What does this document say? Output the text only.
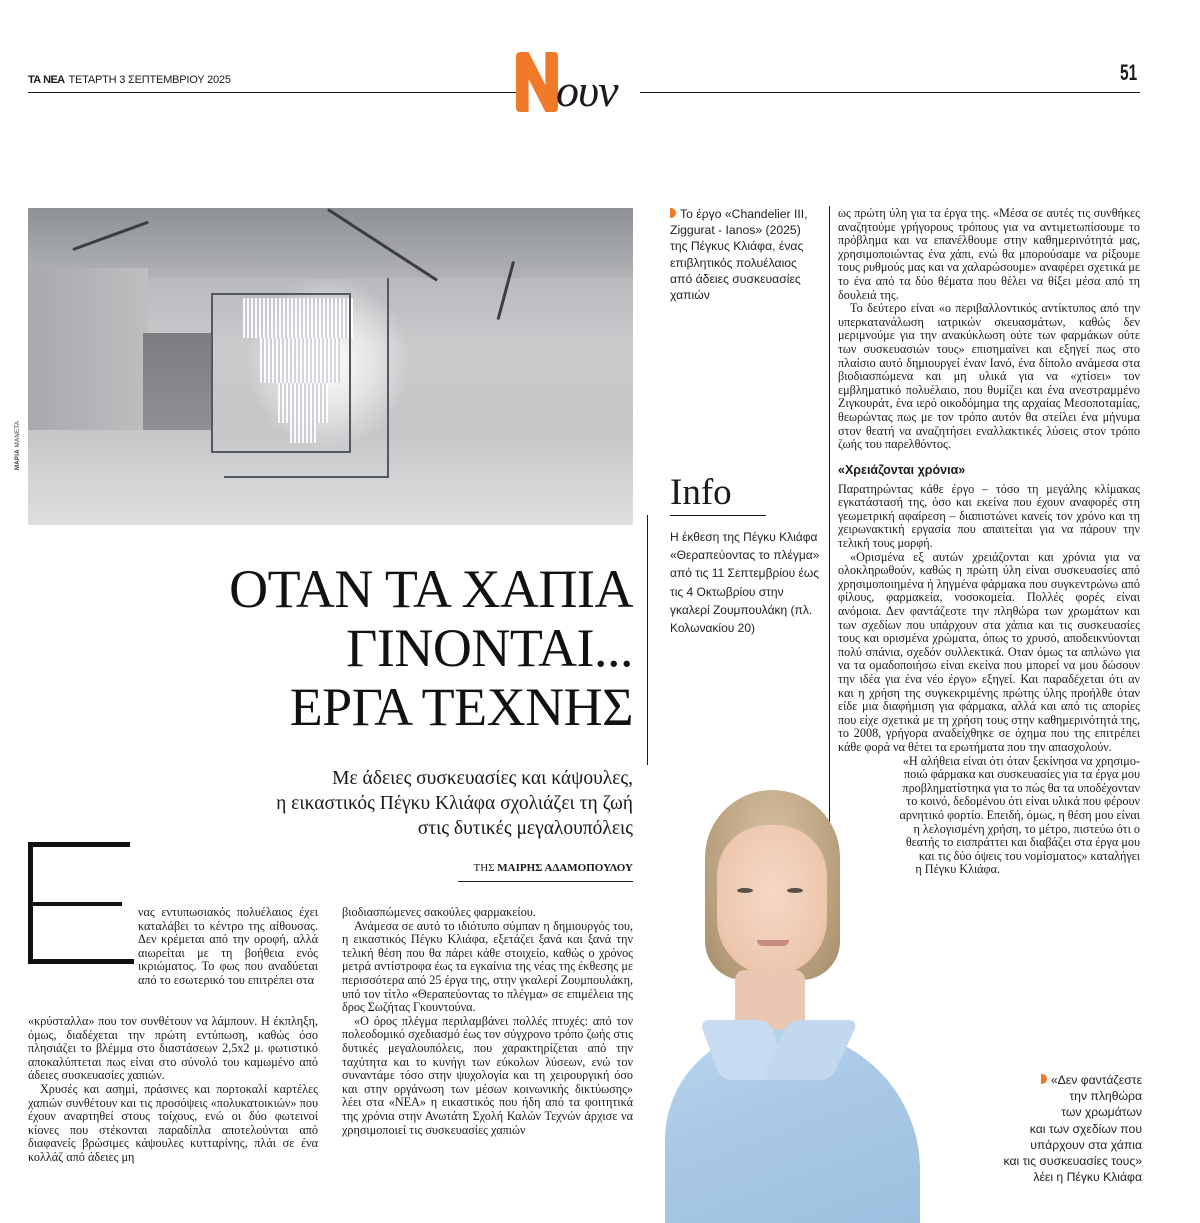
ΤΑ ΝΕΑ ΤΕΤΑΡΤΗ 3 ΣΕΠΤΕΜΒΡΙΟΥ 2025	ουν	51
ΜΑΡΙΑ ΜΑΝΕΤΑ
Το έργο «Chandelier III, Ziggurat - Ianos» (2025) της Πέγκυς Κλιάφα, ένας επιβλητικός πολυέλαιος από άδειες συσκευασίες χαπιών
Info
Η έκθεση της Πέγκυ Κλιάφα «Θεραπεύοντας το πλέγμα» από τις 11 Σεπτεμβρίου έως τις 4 Οκτωβρίου στην γκαλερί Ζουμπουλάκη (πλ. Κολωνακίου 20)
ΟΤΑΝ ΤΑ ΧΑΠΙΑ
ΓΙΝΟΝΤΑΙ...
ΕΡΓΑ ΤΕΧΝΗΣ
Με άδειες συσκευασίες και κάψουλες,
η εικαστικός Πέγκυ Κλιάφα σχολιάζει τη ζωή
στις δυτικές μεγαλουπόλεις
ΤΗΣ ΜΑΙΡΗΣ ΑΔΑΜΟΠΟΥΛΟΥ

νας εντυπωσιακός πολυέλαιος έχει καταλάβει το κέντρο της αίθουσας. Δεν κρέμεται από την οροφή, αλλά αιωρείται με τη βοήθεια ενός ικριώματος. Το φως που αναδύεται από το εσωτερικό του επιτρέπει στα

«κρύσταλλα» που τον συνθέτουν να λάμπουν. Η έκπληξη, όμως, διαδέχεται την πρώτη εντύπωση, καθώς όσο πλησιάζει το βλέμμα στο διαστάσεων 2,5x2 μ. φωτιστικό αποκαλύπτεται πως είναι στο σύνολό του καμωμένο από άδειες συσκευασίες χαπιών.

Χρυσές και ασημί, πράσινες και πορτοκαλί καρτέλες χαπιών συνθέτουν και τις προσόψεις «πολυκατοικιών» που έχουν αναρτηθεί στους τοίχους, ενώ οι δύο φωτεινοί κίονες που στέκονται παραδίπλα αποτελούνται από διαφανείς βρώσιμες κάψουλες κυτταρίνης, πλάι σε ένα κολλάζ από άδειες μη

βιοδιασπώμενες σακούλες φαρμακείου.

Ανάμεσα σε αυτό το ιδιότυπο σύμπαν η δημιουργός του, η εικαστικός Πέγκυ Κλιάφα, εξετάζει ξανά και ξανά την τελική θέση που θα πάρει κάθε στοιχείο, καθώς ο χρόνος μετρά αντίστροφα έως τα εγκαίνια της νέας της έκθεσης με περισσότερα από 25 έργα της, στην γκαλερί Ζουμπουλάκη, υπό τον τίτλο «Θεραπεύοντας το πλέγμα» σε επιμέλεια της δρος Σωζήτας Γκουντούνα.

«Ο όρος πλέγμα περιλαμβάνει πολλές πτυχές: από τον πολεοδομικό σχεδιασμό έως τον σύγχρονο τρόπο ζωής στις δυτικές μεγαλουπόλεις, που χαρακτηρίζεται από την ταχύτητα και το κυνήγι των εύκολων λύσεων, ενώ τον συναντάμε τόσο στην ψυχολογία και τη χειρουργική όσο και στην οργάνωση των μέσων κοινωνικής δικτύωσης» λέει στα «ΝΕΑ» η εικαστικός που ήδη από τα φοιτητικά της χρόνια στην Ανωτάτη Σχολή Καλών Τεχνών άρχισε να χρησιμοποιεί τις συσκευασίες χαπιών

ως πρώτη ύλη για τα έργα της. «Μέσα σε αυτές τις συνθήκες αναζητούμε γρήγορους τρόπους για να αντιμετωπίσουμε το πρόβλημα και να επανέλθουμε στην καθημερινότητά μας, χρησιμοποιώντας ένα χάπι, ενώ θα μπορούσαμε να ρίξουμε τους ρυθμούς μας και να χαλαρώσουμε» αναφέρει σχετικά με το ένα από τα δύο θέματα που θέλει να θίξει μέσα από τη δουλειά της.

Το δεύτερο είναι «ο περιβαλλοντικός αντίκτυπος από την υπερκατανάλωση ιατρικών σκευασμάτων, καθώς δεν μεριμνούμε για την ανακύκλωση ούτε των φαρμάκων ούτε των συσκευασιών τους» επισημαίνει και εξηγεί πως στο πλαίσιο αυτό δημιουργεί έναν Ιανό, ένα δίπολο ανάμεσα στα βιοδιασπώμενα και μη υλικά για να «χτίσει» τον εμβληματικό πολυέλαιο, που θυμίζει και ένα ανεστραμμένο Ζιγκουράτ, ένα ιερό οικοδόμημα της αρχαίας Μεσοποταμίας, θεωρώντας πως με τον τρόπο αυτόν θα στείλει ένα μήνυμα στον θεατή να αναζητήσει εναλλακτικές λύσεις στον τρόπο ζωής του παρελθόντος.

«Χρειάζονται χρόνια»

Παρατηρώντας κάθε έργο – τόσο τη μεγάλης κλίμακας εγκατάστασή της, όσο και εκείνα που έχουν αναφορές στη γεωμετρική αφαίρεση – διαπιστώνει κανείς τον χρόνο και τη χειρωνακτική εργασία που απαιτείται για να πάρουν την τελική τους μορφή.

«Ορισμένα εξ αυτών χρειάζονται και χρόνια για να ολοκληρωθούν, καθώς η πρώτη ύλη είναι συσκευασίες από χρησιμοποιημένα ή ληγμένα φάρμακα που συγκεντρώνω από φίλους, φαρμακεία, νοσοκομεία. Πολλές φορές είναι ανόμοια. Δεν φαντάζεστε την πληθώρα των χρωμάτων και των σχεδίων που υπάρχουν στα χάπια και τις συσκευασίες τους και ορισμένα χρώματα, όπως το χρυσό, αποδεικνύονται πολύ σπάνια, σχεδόν συλλεκτικά. Οταν όμως τα απλώνω για να τα ομαδοποιήσω είναι εκείνα που μπορεί να μου δώσουν την ιδέα για ένα νέο έργο» εξηγεί. Και παραδέχεται ότι αν και η χρήση της συγκεκριμένης πρώτης ύλης προήλθε όταν είδε μια διαφήμιση για φάρμακα, αλλά και από τις απορίες που είχε σχετικά με τη χρήση τους στην καθημερινότητά της, το 2008, γρήγορα αναδείχθηκε σε όχημα που της επιτρέπει κάθε φορά να θέτει τα ερωτήματα που την απασχολούν.

«Η αλήθεια είναι ότι όταν ξεκίνησα να χρησιμο-
ποιώ φάρμακα και συσκευασίες για τα έργα μου
προβληματίστηκα για το πώς θα τα υποδέχονταν
το κοινό, δεδομένου ότι είναι υλικά που φέρουν
αρνητικό φορτίο. Επειδή, όμως, η θέση μου είναι
η λελογισμένη χρήση, το μέτρο, πιστεύω ότι ο
θεατής το εισπράττει και διαβάζει στα έργα μου
και τις δύο όψεις του νομίσματος» καταλήγει
η Πέγκυ Κλιάφα.
«Δεν φαντάζεστε
την πληθώρα
των χρωμάτων
και των σχεδίων που
υπάρχουν στα χάπια
και τις συσκευασίες τους»
λέει η Πέγκυ Κλιάφα
